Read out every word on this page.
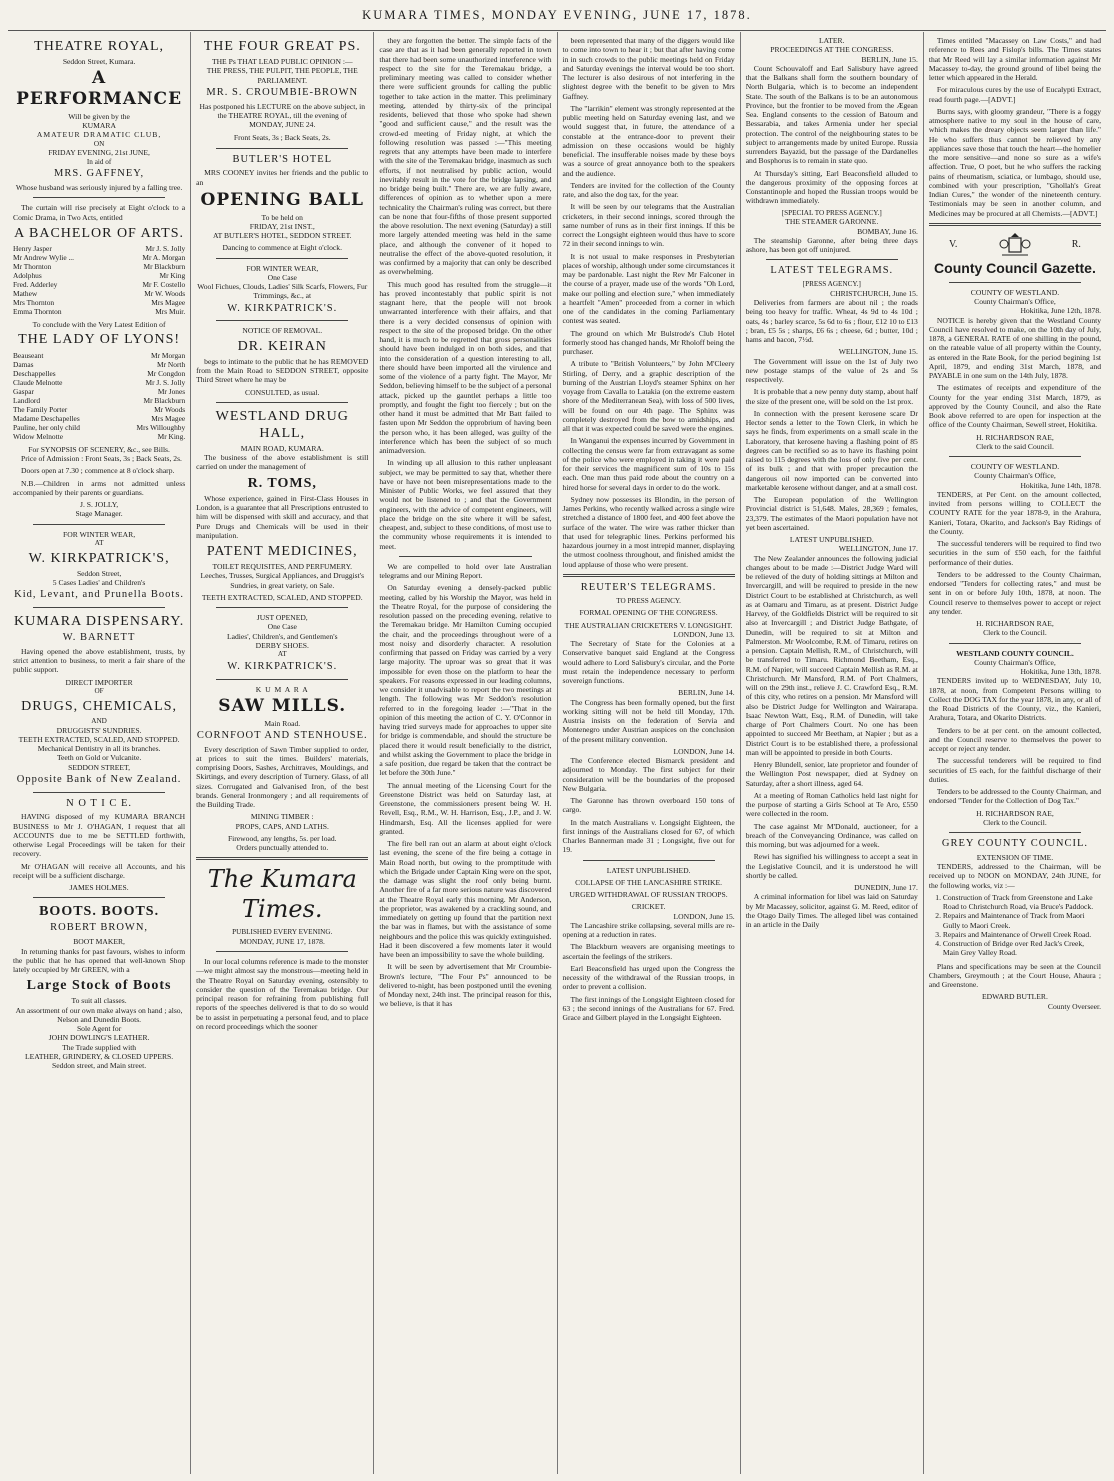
KUMARA TIMES, MONDAY EVENING, JUNE 17, 1878.
THEATRE ROYAL,
Seddon Street, Kumara.
A PERFORMANCE
Will be given by the
KUMARA
AMATEUR DRAMATIC CLUB,
ON
FRIDAY EVENING, 21st JUNE,
In aid of
MRS. GAFFNEY,
Whose husband was seriously injured by a falling tree.

The curtain will rise precisely at Eight o'clock to a Comic Drama, in Two Acts, entitled

A BACHELOR OF ARTS.
Henry Jasper	Mr J. S. Jolly
Mr Andrew Wylie ...	Mr A. Morgan
Mr Thornton	Mr Blackburn
Adolphus	Mr King
Fred. Adderley	Mr F. Costello
Mathew	Mr W. Woods
Mrs Thornton	Mrs Magee
Emma Thornton	Mrs Muir.
To conclude with the Very Latest Edition of
THE LADY OF LYONS!
Beauseant	Mr Morgan
Damas	Mr North
Deschappelles	Mr Congdon
Claude Melnotte	Mr J. S. Jolly
Gaspar	Mr Jones
Landlord	Mr Blackburn
The Family Porter	Mr Woods
Madame Deschapelles	Mrs Magee
Pauline, her only child	Mrs Willoughby
Widow Melnotte	Mr King.
For SYNOPSIS OF SCENERY, &c., see Bills.

Price of Admission : Front Seats, 3s ; Back Seats, 2s.

Doors open at 7.30 ; commence at 8 o'clock sharp.

N.B.—Children in arms not admitted unless accompanied by their parents or guardians.

J. S. JOLLY,
Stage Manager.
FOR WINTER WEAR,
AT
W. KIRKPATRICK'S,
Seddon Street,
5 Cases Ladies' and Children's
Kid, Levant, and Prunella Boots.
KUMARA DISPENSARY.
W. BARNETT

Having opened the above establishment, trusts, by strict attention to business, to merit a fair share of the public support.

DIRECT IMPORTER
OF
DRUGS, CHEMICALS,
AND
DRUGGISTS' SUNDRIES.
TEETH EXTRACTED, SCALED, AND STOPPED.
Mechanical Dentistry in all its branches.
Teeth on Gold or Vulcanite.
SEDDON STREET,
Opposite Bank of New Zealand.
N O T I C E.

HAVING disposed of my KUMARA BRANCH BUSINESS to Mr J. O'HAGAN, I request that all ACCOUNTS due to me be SETTLED forthwith, otherwise Legal Proceedings will be taken for their recovery.

Mr O'HAGAN will receive all Accounts, and his receipt will be a sufficient discharge.

JAMES HOLMES.
BOOTS. BOOTS.
ROBERT BROWN,
BOOT MAKER,

In returning thanks for past favours, wishes to inform the public that he has opened that well-known Shop lately occupied by Mr GREEN, with a

Large Stock of Boots
To suit all classes.
An assortment of our own make always on hand ; also, Nelson and Dunedin Boots.
Sole Agent for
JOHN DOWLING'S LEATHER.
The Trade supplied with
LEATHER, GRINDERY, & CLOSED UPPERS.
Seddon street, and Main street.
THE FOUR GREAT PS.
THE Ps THAT LEAD PUBLIC OPINION :—
THE PRESS, THE PULPIT, THE PEOPLE, THE PARLIAMENT.
MR. S. CROUMBIE-BROWN
Has postponed his LECTURE on the above subject, in the THEATRE ROYAL, till the evening of
MONDAY, JUNE 24.
Front Seats, 3s ; Back Seats, 2s.
BUTLER'S HOTEL

MRS COONEY invites her friends and the public to an

OPENING BALL
To be held on
FRIDAY, 21st INST.,
AT BUTLER'S HOTEL, SEDDON STREET.
Dancing to commence at Eight o'clock.
FOR WINTER WEAR,
One Case
Wool Fichues, Clouds, Ladies' Silk Scarfs, Flowers, Fur Trimmings, &c., at
W. KIRKPATRICK'S.
NOTICE OF REMOVAL.
DR. KEIRAN

begs to intimate to the public that he has REMOVED from the Main Road to SEDDON STREET, opposite Third Street where he may be

CONSULTED, as usual.
WESTLAND DRUG HALL,
MAIN ROAD, KUMARA.

The business of the above establishment is still carried on under the management of

R. TOMS,

Whose experience, gained in First-Class Houses in London, is a guarantee that all Prescriptions entrusted to him will be dispensed with skill and accuracy, and that Pure Drugs and Chemicals will be used in their manipulation.

PATENT MEDICINES,
TOILET REQUISITES, AND PERFUMERY.
Leeches, Trusses, Surgical Appliances, and Druggist's Sundries, in great variety, on Sale.
TEETH EXTRACTED, SCALED, AND STOPPED.
JUST OPENED,
One Case
Ladies', Children's, and Gentlemen's
DERBY SHOES.
AT
W. KIRKPATRICK'S.
K U M A R A
SAW MILLS.
Main Road.
CORNFOOT AND STENHOUSE.

Every description of Sawn Timber supplied to order, at prices to suit the times. Builders' materials, comprising Doors, Sashes, Architraves, Mouldings, and Skirtings, and every description of Turnery. Glass, of all sizes. Corrugated and Galvanised Iron, of the best brands. General Ironmongery ; and all requirements of the Building Trade.

MINING TIMBER :
PROPS, CAPS, AND LATHS.
Firewood, any lengths, 5s. per load.
Orders punctually attended to.
The Kumara Times.
PUBLISHED EVERY EVENING.
MONDAY, JUNE 17, 1878.

In our local columns reference is made to the monster—we might almost say the monstrous—meeting held in the Theatre Royal on Saturday evening, ostensibly to consider the question of the Teremakau bridge. Our principal reason for refraining from publishing full reports of the speeches delivered is that to do so would be to assist in perpetuating a personal feud, and to place on record proceedings which the sooner

they are forgotten the better. The simple facts of the case are that as it had been generally reported in town that there had been some unauthorized interference with respect to the site for the Teremakau bridge, a preliminary meeting was called to consider whether there were sufficient grounds for calling the public together to take action in the matter. This preliminary meeting, attended by thirty-six of the principal residents, believed that those who spoke had shewn "good and sufficient cause," and the result was the crowd-ed meeting of Friday night, at which the following resolution was passed :—"This meeting regrets that any attempts have been made to interfere with the site of the Teremakau bridge, inasmuch as such efforts, if not neutralised by public action, would inevitably result in the vote for the bridge lapsing, and no bridge being built." There are, we are fully aware, differences of opinion as to whether upon a mere technicality the Chairman's ruling was correct, but there can be none that four-fifths of those present supported the above resolution. The next evening (Saturday) a still more largely attended meeting was held in the same place, and although the convener of it hoped to neutralise the effect of the above-quoted resolution, it was confirmed by a majority that can only be described as overwhelming.

This much good has resulted from the struggle—it has proved incontestably that public spirit is not stagnant here, that the people will not brook unwarranted interference with their affairs, and that there is a very decided consensus of opinion with respect to the site of the proposed bridge. On the other hand, it is much to be regretted that gross personalities should have been indulged in on both sides, and that into the consideration of a question interesting to all, there should have been imported all the virulence and some of the violence of a party fight. The Mayor, Mr Seddon, believing himself to be the subject of a personal attack, picked up the gauntlet perhaps a little too promptly, and fought the fight too fiercely ; but on the other hand it must be admitted that Mr Batt failed to fasten upon Mr Seddon the opprobrium of having been the person who, it has been alleged, was guilty of the interference which has been the subject of so much animadversion.

In winding up all allusion to this rather unpleasant subject, we may be permitted to say that, whether there have or have not been misrepresentations made to the Minister of Public Works, we feel assured that they would not be listened to ; and that the Government engineers, with the advice of competent engineers, will place the bridge on the site where it will be safest, cheapest, and, subject to these conditions, of most use to the community whose requirements it is intended to meet.

We are compelled to hold over late Australian telegrams and our Mining Report.

On Saturday evening a densely-packed public meeting, called by his Worship the Mayor, was held in the Theatre Royal, for the purpose of considering the resolution passed on the preceding evening, relative to the Teremakau bridge. Mr Hamilton Cuming occupied the chair, and the proceedings throughout were of a most noisy and disorderly character. A resolution confirming that passed on Friday was carried by a very large majority. The uproar was so great that it was impossible for even those on the platform to hear the speakers. For reasons expressed in our leading columns, we consider it unadvisable to report the two meetings at length. The following was Mr Seddon's resolution referred to in the foregoing leader :—"That in the opinion of this meeting the action of C. Y. O'Connor in having tried surveys made for approaches to upper site for bridge is commendable, and should the structure be placed there it would result beneficially to the district, and whilst asking the Government to place the bridge in a safe position, due regard be taken that the contract be let before the 30th June."

The annual meeting of the Licensing Court for the Greenstone District was held on Saturday last, at Greenstone, the commissioners present being W. H. Revell, Esq., R.M., W. H. Harrison, Esq., J.P., and J. W. Hindmarsh, Esq. All the licenses applied for were granted.

The fire bell ran out an alarm at about eight o'clock last evening, the scene of the fire being a cottage in Main Road north, but owing to the promptitude with which the Brigade under Captain King were on the spot, the damage was slight the roof only being burnt. Another fire of a far more serious nature was discovered at the Theatre Royal early this morning. Mr Anderson, the proprietor, was awakened by a crackling sound, and immediately on getting up found that the partition next the bar was in flames, but with the assistance of some neighbours and the police this was quickly extinguished. Had it been discovered a few moments later it would have been an impossibility to save the whole building.

It will be seen by advertisement that Mr Croumbie-Brown's lecture, "The Four Ps" announced to be delivered to-night, has been postponed until the evening of Monday next, 24th inst. The principal reason for this, we believe, is that it has

been represented that many of the diggers would like to come into town to hear it ; but that after having come in in such crowds to the public meetings held on Friday and Saturday evenings the interval would be too short. The lecturer is also desirous of not interfering in the slightest degree with the benefit to be given to Mrs Gaffney.

The "larrikin" element was strongly represented at the public meeting held on Saturday evening last, and we would suggest that, in future, the attendance of a constable at the entrance-door to prevent their admission on these occasions would be highly beneficial. The insufferable noises made by these boys was a source of great annoyance both to the speakers and the audience.

Tenders are invited for the collection of the County rate, and also the dog tax, for the year.

It will be seen by our telegrams that the Australian cricketers, in their second innings, scored through the same number of runs as in their first innings. If this be correct the Longsight eighteen would thus have to score 72 in their second innings to win.

It is not usual to make responses in Presbyterian places of worship, although under some circumstances it may be pardonable. Last night the Rev Mr Falconer in the course of a prayer, made use of the words "Oh Lord, make our polling and election sure," when immediately a heartfelt "Amen" proceeded from a corner in which one of the candidates in the coming Parliamentary contest was seated.

The ground on which Mr Bulstrode's Club Hotel formerly stood has changed hands, Mr Rholoff being the purchaser.

A tribute to "British Volunteers," by John M'Cleery Stirling, of Derry, and a graphic description of the burning of the Austrian Lloyd's steamer Sphinx on her voyage from Cavalla to Latakia (on the extreme eastern shore of the Mediterranean Sea), with loss of 500 lives, will be found on our 4th page. The Sphinx was completely destroyed from the bow to amidships, and all that it was expected could be saved were the engines.

In Wanganui the expenses incurred by Government in collecting the census were far from extravagant as some of the police who were employed in taking it were paid for their services the magnificent sum of 10s to 15s each. One man thus paid rode about the country on a hired horse for several days in order to do the work.

Sydney now possesses its Blondin, in the person of James Perkins, who recently walked across a single wire stretched a distance of 1800 feet, and 400 feet above the surface of the water. The wire was rather thicker than that used for telegraphic lines. Perkins performed his hazardous journey in a most intrepid manner, displaying the utmost coolness throughout, and finished amidst the loud applause of those who were present.

REUTER'S TELEGRAMS.
TO PRESS AGENCY.
FORMAL OPENING OF THE CONGRESS.
THE AUSTRALIAN CRICKETERS V. LONGSIGHT.
LONDON, June 13.

The Secretary of State for the Colonies at a Conservative banquet said England at the Congress would adhere to Lord Salisbury's circular, and the Porte must retain the independence necessary to perform sovereign functions.

BERLIN, June 14.

The Congress has been formally opened, but the first working sitting will not be held till Monday, 17th. Austria insists on the federation of Servia and Montenegro under Austrian auspices on the conclusion of the present military convention.

LONDON, June 14.

The Conference elected Bismarck president and adjourned to Monday. The first subject for their consideration will be the boundaries of the proposed New Bulgaria.

The Garonne has thrown overboard 150 tons of cargo.

In the match Australians v. Longsight Eighteen, the first innings of the Australians closed for 67, of which Charles Bannerman made 31 ; Longsight, five out for 19.

LATEST UNPUBLISHED.
COLLAPSE OF THE LANCASHIRE STRIKE.
URGED WITHDRAWAL OF RUSSIAN TROOPS.
CRICKET.
LONDON, June 15.

The Lancashire strike collapsing, several mills are re-opening at a reduction in rates.

The Blackburn weavers are organising meetings to ascertain the feelings of the strikers.

Earl Beaconsfield has urged upon the Congress the necessity of the withdrawal of the Russian troops, in order to prevent a collision.

The first innings of the Longsight Eighteen closed for 63 ; the second innings of the Australians for 67. Fred. Grace and Gilbert played in the Longsight Eighteen.

LATER.
PROCEEDINGS AT THE CONGRESS.
BERLIN, June 15.

Count Schouvaloff and Earl Salisbury have agreed that the Balkans shall form the southern boundary of North Bulgaria, which is to become an independent State. The south of the Balkans is to be an autonomous Province, but the frontier to be moved from the Ægean Sea. England consents to the cession of Batoum and Bessarabia, and takes Armenia under her special protection. The control of the neighbouring states to be subject to arrangements made by united Europe. Russia surrenders Bayazid, but the passage of the Dardanelles and Bosphorus is to remain in state quo.

At Thursday's sitting, Earl Beaconsfield alluded to the dangerous proximity of the opposing forces at Constantinople and hoped the Russian troops would be withdrawn immediately.

[SPECIAL TO PRESS AGENCY.]
THE STEAMER GARONNE.
BOMBAY, June 16.

The steamship Garonne, after being three days ashore, has been got off uninjured.

LATEST TELEGRAMS.
[PRESS AGENCY.]
CHRISTCHURCH, June 15.

Deliveries from farmers are about nil ; the roads being too heavy for traffic. Wheat, 4s 9d to 4s 10d ; oats, 4s ; barley scarce, 5s 6d to 6s ; flour, £12 10 to £13 ; bran, £5 5s ; sharps, £6 6s ; cheese, 6d ; butter, 10d ; hams and bacon, 7½d.

WELLINGTON, June 15.

The Government will issue on the 1st of July two new postage stamps of the value of 2s and 5s respectively.

It is probable that a new penny duty stamp, about half the size of the present one, will be sold on the 1st prox.

In connection with the present kerosene scare Dr Hector sends a letter to the Town Clerk, in which he says he finds, from experiments on a small scale in the Laboratory, that kerosene having a flashing point of 85 degrees can be rectified so as to have its flashing point raised to 115 degrees with the loss of only five per cent. of its bulk ; and that with proper precaution the dangerous oil now imported can be converted into marketable kerosene without danger, and at a small cost.

The European population of the Wellington Provincial district is 51,648. Males, 28,369 ; females, 23,379. The estimates of the Maori population have not yet been ascertained.

LATEST UNPUBLISHED.
WELLINGTON, June 17.

The New Zealander announces the following judicial changes about to be made :—District Judge Ward will be relieved of the duty of holding sittings at Milton and Invercargill, and will be required to preside in the new District Court to be established at Christchurch, as well as at Oamaru and Timaru, as at present. District Judge Harvey, of the Goldfields District will be required to sit also at Invercargill ; and District Judge Bathgate, of Dunedin, will be required to sit at Milton and Palmerston. Mr Woolcombe, R.M. of Timaru, retires on a pension. Captain Mellish, R.M., of Christchurch, will be transferred to Timaru. Richmond Beetham, Esq., R.M. of Napier, will succeed Captain Mellish as R.M. at Christchurch. Mr Mansford, R.M. of Port Chalmers, will on the 29th inst., relieve J. C. Crawford Esq., R.M. of this city, who retires on a pension. Mr Mansford will also be District Judge for Wellington and Wairarapa. Isaac Newton Watt, Esq., R.M. of Dunedin, will take charge of Port Chalmers Court. No one has been appointed to succeed Mr Beetham, at Napier ; but as a District Court is to be established there, a professional man will be appointed to preside in both Courts.

Henry Blundell, senior, late proprietor and founder of the Wellington Post newspaper, died at Sydney on Saturday, after a short illness, aged 64.

At a meeting of Roman Catholics held last night for the purpose of starting a Girls School at Te Aro, £550 were collected in the room.

The case against Mr M'Donald, auctioneer, for a breach of the Conveyancing Ordinance, was called on this morning, but was adjourned for a week.

Rewi has signified his willingness to accept a seat in the Legislative Council, and it is understood he will shortly be called.

DUNEDIN, June 17.

A criminal information for libel was laid on Saturday by Mr Macassey, solicitor, against G. M. Reed, editor of the Otago Daily Times. The alleged libel was contained in an article in the Daily

Times entitled "Macassey on Law Costs," and had reference to Rees and Fislop's bills. The Times states that Mr Reed will lay a similar information against Mr Macassey to-day, the ground ground of libel being the letter which appeared in the Herald.

For miraculous cures by the use of Eucalypti Extract, read fourth page.—[ADVT.]

Burns says, with gloomy grandeur, "There is a foggy atmosphere native to my soul in the house of care, which makes the dreary objects seem larger than life." He who suffers thus cannot be relieved by any appliances save those that touch the heart—the homelier the more sensitive—and none so sure as a wife's affection. True, O poet, but he who suffers the racking pains of rheumatism, sciatica, or lumbago, should use, combined with your prescription, "Ghollah's Great Indian Cures," the wonder of the nineteenth century. Testimonials may be seen in another column, and Medicines may be procured at all Chemists.—[ADVT.]

V.	R.
County Council Gazette.
COUNTY OF WESTLAND.
County Chairman's Office,
Hokitika, June 12th, 1878.

NOTICE is hereby given that the Westland County Council have resolved to make, on the 10th day of July, 1878, a GENERAL RATE of one shilling in the pound, on the rateable value of all property within the County, as entered in the Rate Book, for the period begining 1st April, 1879, and ending 31st March, 1878, and PAYABLE in one sum on the 14th July, 1878.

The estimates of receipts and expenditure of the County for the year ending 31st March, 1879, as approved by the County Council, and also the Rate Book above referred to are open for inspection at the office of the County Chairman, Sewell street, Hokitika.

H. RICHARDSON RAE,
Clerk to the said Council.
COUNTY OF WESTLAND.
County Chairman's Office,
Hokitika, June 14th, 1878.

TENDERS, at Per Cent. on the amount collected, invited from persons willing to COLLECT the COUNTY RATE for the year 1878-9, in the Arahura, Kanieri, Totara, Okarito, and Jackson's Bay Ridings of the County.

The successful tenderers will be required to find two securities in the sum of £50 each, for the faithful performance of their duties.

Tenders to be addressed to the County Chairman, endorsed "Tenders for collecting rates," and must be sent in on or before July 10th, 1878, at noon. The Council reserve to themselves power to accept or reject any tender.

H. RICHARDSON RAE,
Clerk to the Council.
WESTLAND COUNTY COUNCIL.
County Chairman's Office,
Hokitika, June 13th, 1878.

TENDERS invited up to WEDNESDAY, July 10, 1878, at noon, from Competent Persons willing to Collect the DOG TAX for the year 1878, in any, or all of the Road Districts of the County, viz., the Kanieri, Arahura, Totara, and Okarito Districts.

Tenders to be at per cent. on the amount collected, and the Council reserve to themselves the power to accept or reject any tender.

The successful tenderers will be required to find securities of £5 each, for the faithful discharge of their duties.

Tenders to be addressed to the County Chairman, and endorsed "Tender for the Collection of Dog Tax."

H. RICHARDSON RAE,
Clerk to the Council.
GREY COUNTY COUNCIL.
EXTENSION OF TIME.

TENDERS, addressed to the Chairman, will be received up to NOON on MONDAY, 24th JUNE, for the following works, viz :—

1. Construction of Track from Greenstone and Lake Road to Christchurch Road, via Bruce's Paddock.
2. Repairs and Maintenance of Track from Maori Gully to Maori Creek.
3. Repairs and Maintenance of Orwell Creek Road.
4. Construction of Bridge over Red Jack's Creek, Main Grey Valley Road.

Plans and specifications may be seen at the Council Chambers, Greymouth ; at the Court House, Ahaura ; and Greenstone.

EDWARD BUTLER.
County Overseer.
